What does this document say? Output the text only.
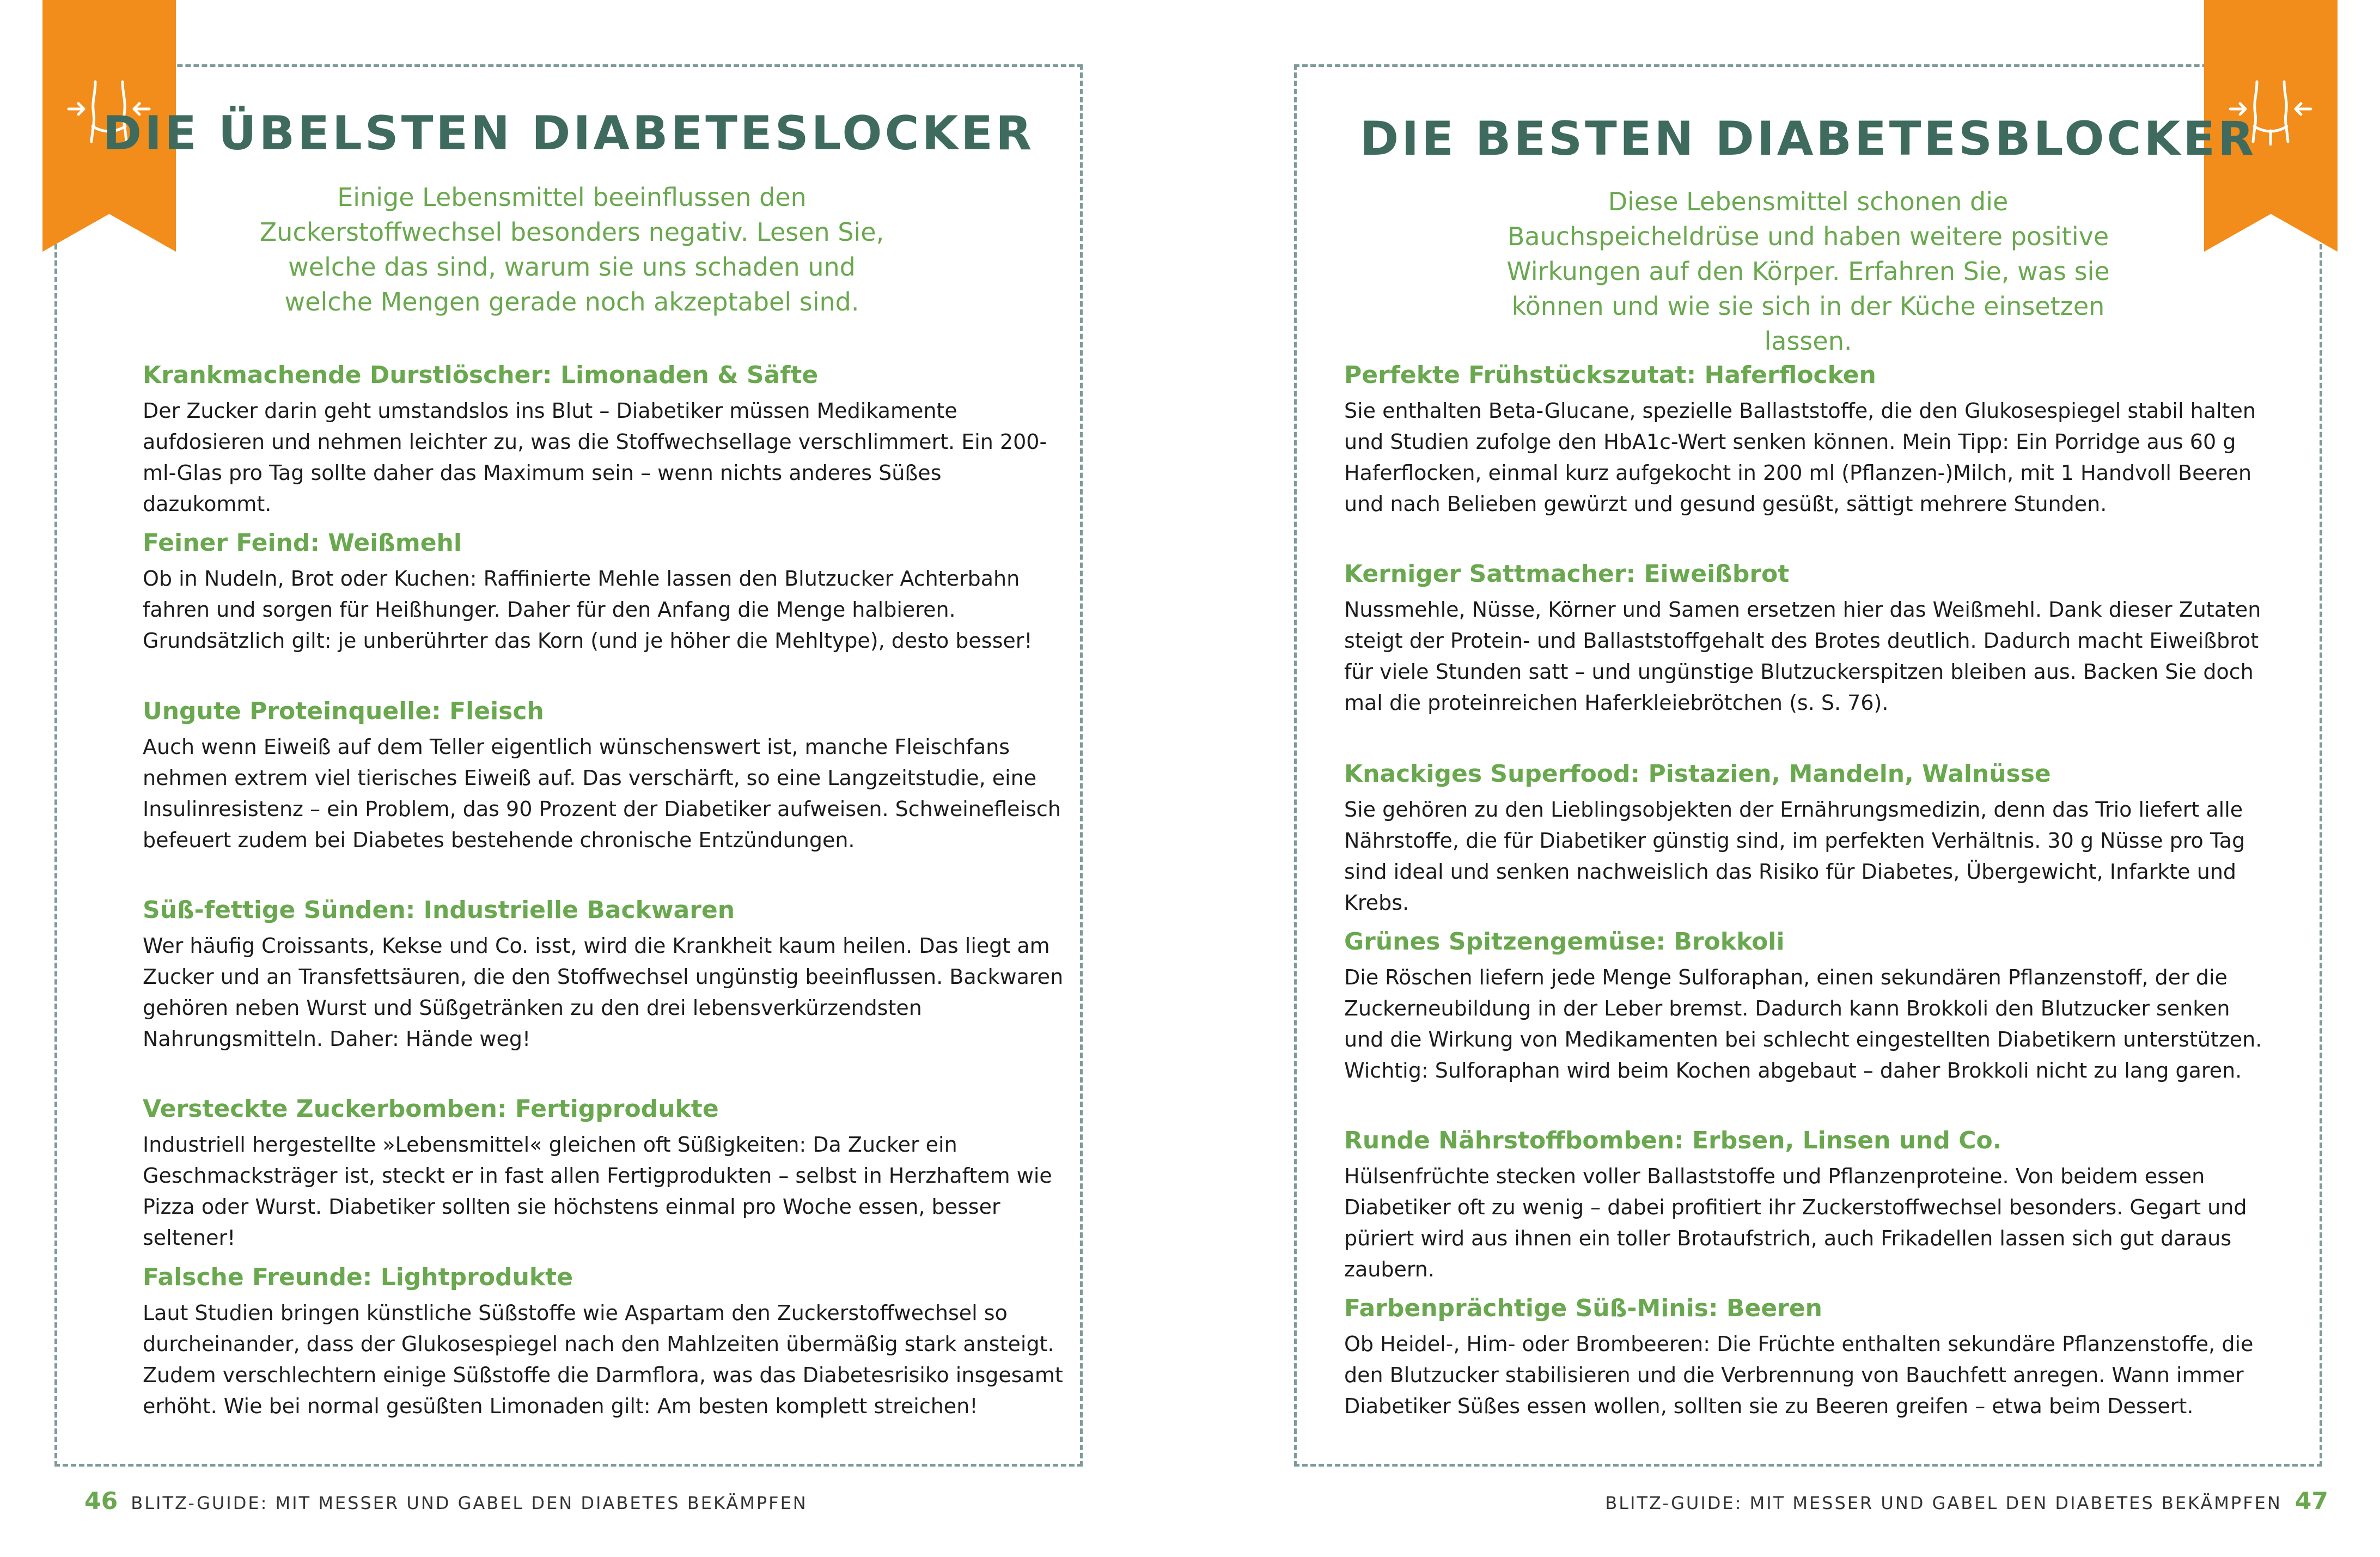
DIE ÜBELSTEN DIABETESLOCKER
Einige Lebensmittel beeinflussen den Zuckerstoffwechsel besonders negativ. Lesen Sie, welche das sind, warum sie uns schaden und welche Mengen gerade noch akzeptabel sind.
Krankmachende Durstlöscher: Limonaden & Säfte
Der Zucker darin geht umstandslos ins Blut – Diabetiker müssen Medikamente aufdosieren und nehmen leichter zu, was die Stoffwechsellage verschlimmert. Ein 200-ml-Glas pro Tag sollte daher das Maximum sein – wenn nichts anderes Süßes dazukommt.
Feiner Feind: Weißmehl
Ob in Nudeln, Brot oder Kuchen: Raffinierte Mehle lassen den Blutzucker Achterbahn fahren und sorgen für Heißhunger. Daher für den Anfang die Menge halbieren. Grundsätzlich gilt: je unberührter das Korn (und je höher die Mehltype), desto besser!
Ungute Proteinquelle: Fleisch
Auch wenn Eiweiß auf dem Teller eigentlich wünschenswert ist, manche Fleischfans nehmen extrem viel tierisches Eiweiß auf. Das verschärft, so eine Langzeitstudie, eine Insulinresistenz – ein Problem, das 90 Prozent der Diabetiker aufweisen. Schweinefleisch befeuert zudem bei Diabetes bestehende chronische Entzündungen.
Süß-fettige Sünden: Industrielle Backwaren
Wer häufig Croissants, Kekse und Co. isst, wird die Krankheit kaum heilen. Das liegt am Zucker und an Transfettsäuren, die den Stoffwechsel ungünstig beeinflussen. Backwaren gehören neben Wurst und Süßgetränken zu den drei lebensverkürzendsten Nahrungsmitteln. Daher: Hände weg!
Versteckte Zuckerbomben: Fertigprodukte
Industriell hergestellte »Lebensmittel« gleichen oft Süßigkeiten: Da Zucker ein Geschmacksträger ist, steckt er in fast allen Fertigprodukten – selbst in Herzhaftem wie Pizza oder Wurst. Diabetiker sollten sie höchstens einmal pro Woche essen, besser seltener!
Falsche Freunde: Lightprodukte
Laut Studien bringen künstliche Süßstoffe wie Aspartam den Zuckerstoffwechsel so durcheinander, dass der Glukosespiegel nach den Mahlzeiten übermäßig stark ansteigt. Zudem verschlechtern einige Süßstoffe die Darmflora, was das Diabetesrisiko insgesamt erhöht. Wie bei normal gesüßten Limonaden gilt: Am besten komplett streichen!
46 BLITZ-GUIDE: MIT MESSER UND GABEL DEN DIABETES BEKÄMPFEN
DIE BESTEN DIABETESBLOCKER
Diese Lebensmittel schonen die Bauchspeicheldrüse und haben weitere positive Wirkungen auf den Körper. Erfahren Sie, was sie können und wie sie sich in der Küche einsetzen lassen.
Perfekte Frühstückszutat: Haferflocken
Sie enthalten Beta-Glucane, spezielle Ballaststoffe, die den Glukosespiegel stabil halten und Studien zufolge den HbA1c-Wert senken können. Mein Tipp: Ein Porridge aus 60 g Haferflocken, einmal kurz aufgekocht in 200 ml (Pflanzen-)Milch, mit 1 Handvoll Beeren und nach Belieben gewürzt und gesund gesüßt, sättigt mehrere Stunden.
Kerniger Sattmacher: Eiweißbrot
Nussmehle, Nüsse, Körner und Samen ersetzen hier das Weißmehl. Dank dieser Zutaten steigt der Protein- und Ballaststoffgehalt des Brotes deutlich. Dadurch macht Eiweißbrot für viele Stunden satt – und ungünstige Blutzuckerspitzen bleiben aus. Backen Sie doch mal die proteinreichen Haferkleiebrötchen (s. S. 76).
Knackiges Superfood: Pistazien, Mandeln, Walnüsse
Sie gehören zu den Lieblingsobjekten der Ernährungsmedizin, denn das Trio liefert alle Nährstoffe, die für Diabetiker günstig sind, im perfekten Verhältnis. 30 g Nüsse pro Tag sind ideal und senken nachweislich das Risiko für Diabetes, Übergewicht, Infarkte und Krebs.
Grünes Spitzengemüse: Brokkoli
Die Röschen liefern jede Menge Sulforaphan, einen sekundären Pflanzenstoff, der die Zuckerneubildung in der Leber bremst. Dadurch kann Brokkoli den Blutzucker senken und die Wirkung von Medikamenten bei schlecht eingestellten Diabetikern unterstützen. Wichtig: Sulforaphan wird beim Kochen abgebaut – daher Brokkoli nicht zu lang garen.
Runde Nährstoffbomben: Erbsen, Linsen und Co.
Hülsenfrüchte stecken voller Ballaststoffe und Pflanzenproteine. Von beidem essen Diabetiker oft zu wenig – dabei profitiert ihr Zuckerstoffwechsel besonders. Gegart und püriert wird aus ihnen ein toller Brotaufstrich, auch Frikadellen lassen sich gut daraus zaubern.
Farbenprächtige Süß-Minis: Beeren
Ob Heidel-, Him- oder Brombeeren: Die Früchte enthalten sekundäre Pflanzenstoffe, die den Blutzucker stabilisieren und die Verbrennung von Bauchfett anregen. Wann immer Diabetiker Süßes essen wollen, sollten sie zu Beeren greifen – etwa beim Dessert.
BLITZ-GUIDE: MIT MESSER UND GABEL DEN DIABETES BEKÄMPFEN 47
